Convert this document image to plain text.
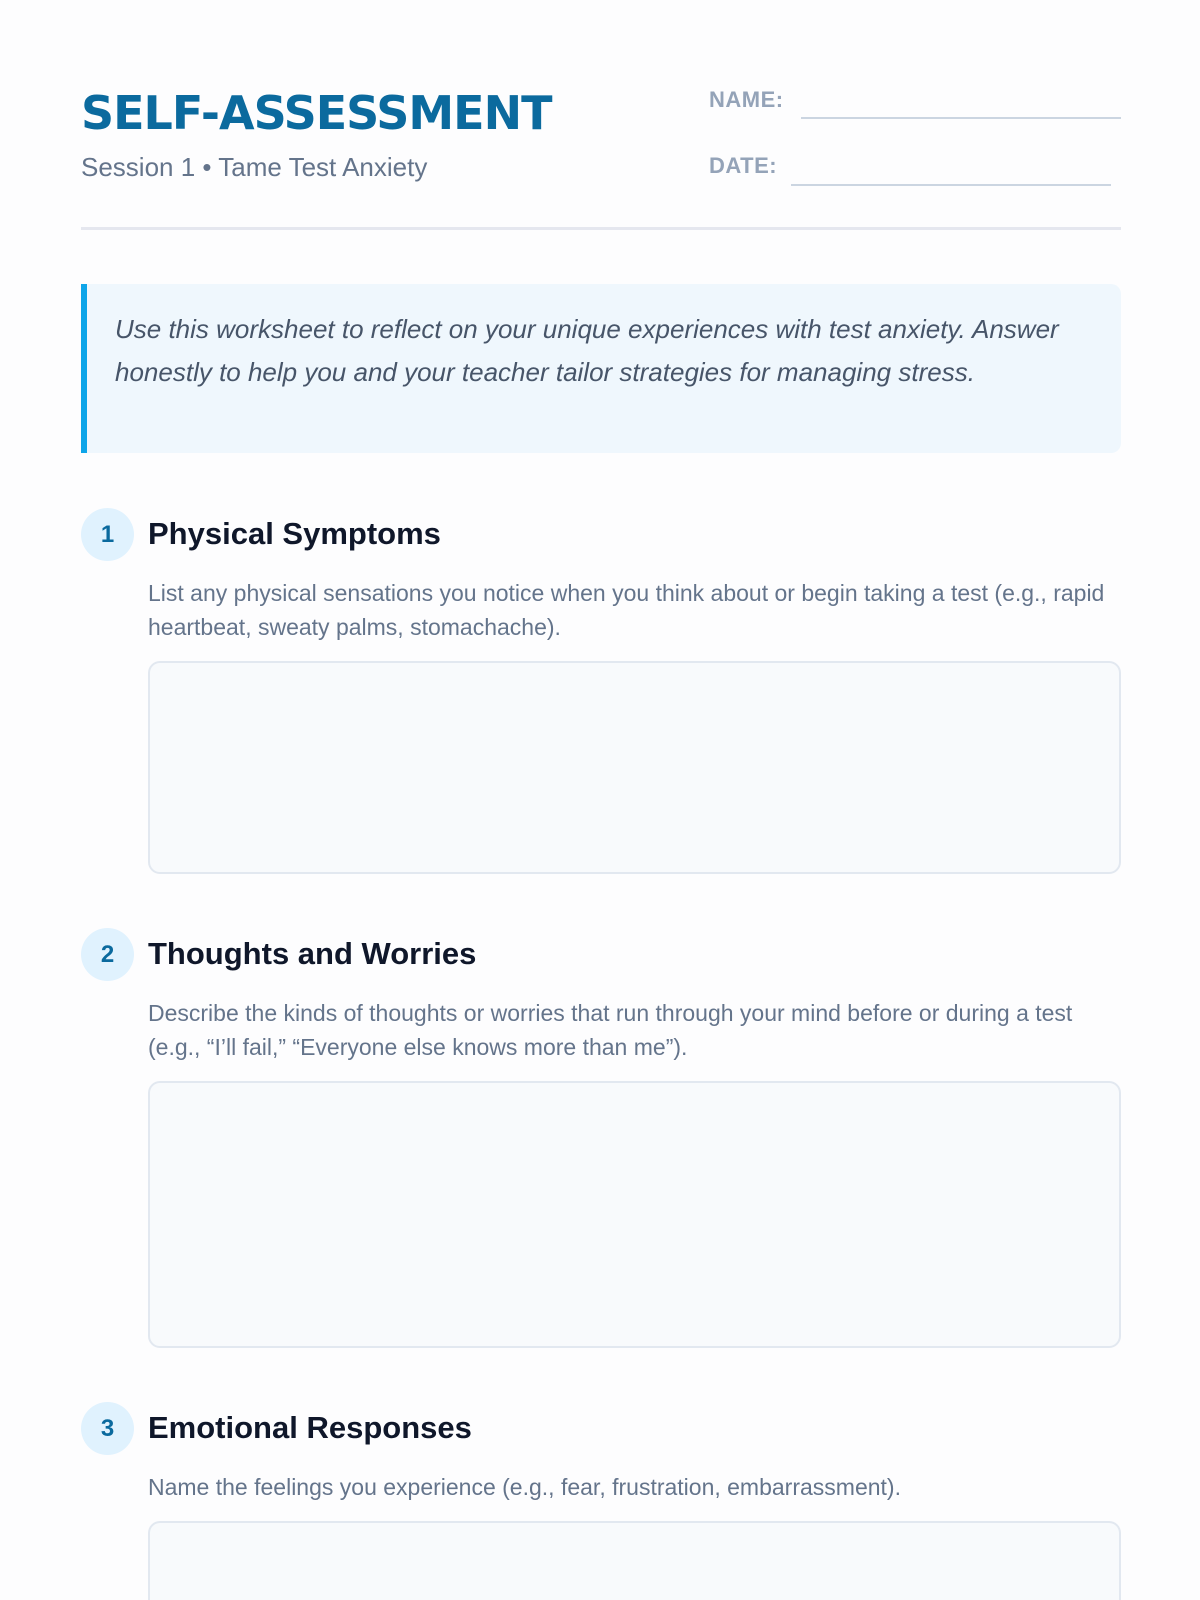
SELF-ASSESSMENT
Session 1 • Tame Test Anxiety
NAME:
DATE:

Use this worksheet to reflect on your unique experiences with test anxiety. Answer honestly to help you and your teacher tailor strategies for managing stress.

1	Physical Symptoms
List any physical sensations you notice when you think about or begin taking a test (e.g., rapid heartbeat, sweaty palms, stomachache).
2	Thoughts and Worries
Describe the kinds of thoughts or worries that run through your mind before or during a test (e.g., “I’ll fail,” “Everyone else knows more than me”).
3	Emotional Responses
Name the feelings you experience (e.g., fear, frustration, embarrassment).
